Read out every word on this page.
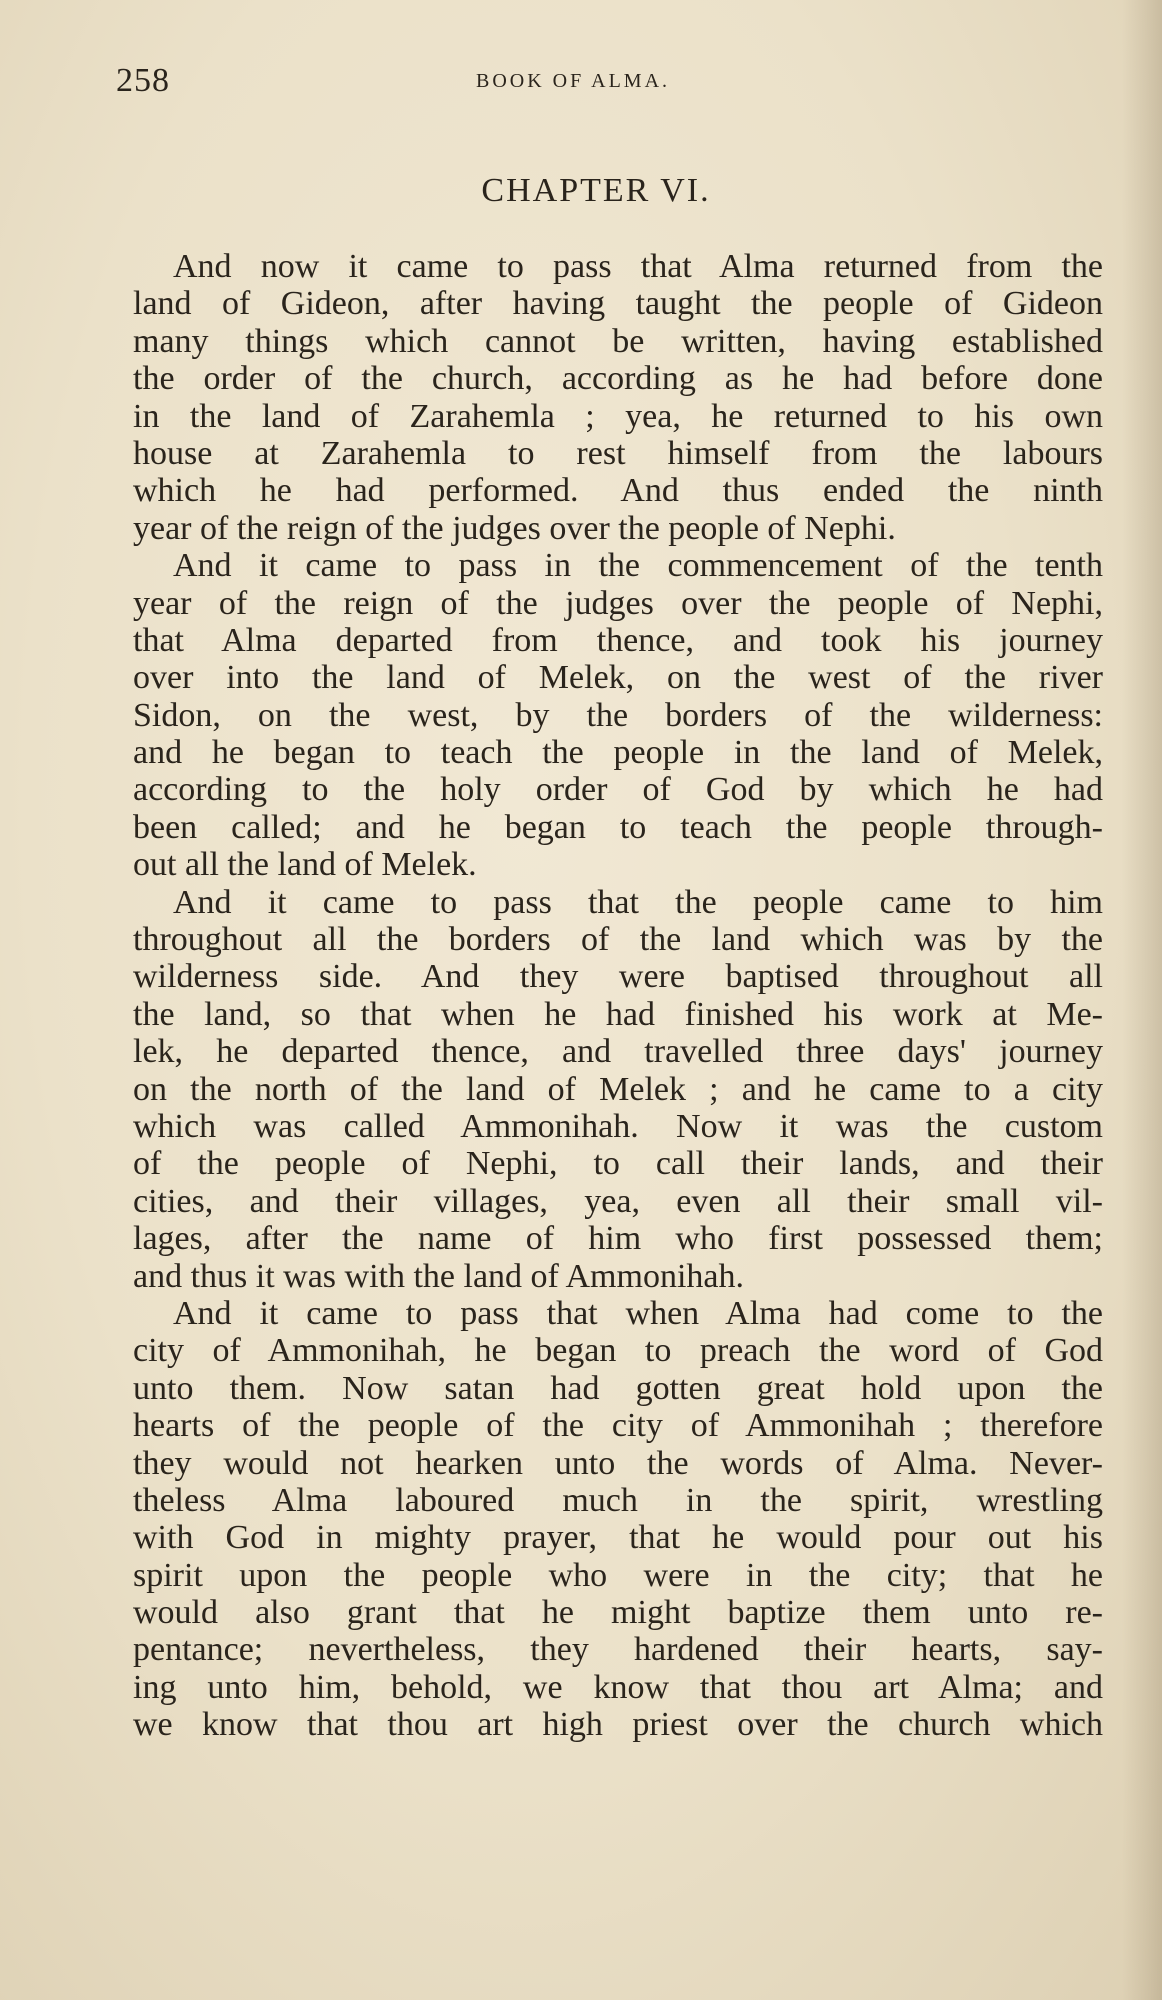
258	BOOK OF ALMA.
CHAPTER VI.
And now it came to pass that Alma returned from the
land of Gideon, after having taught the people of Gideon
many things which cannot be written, having established
the order of the church, according as he had before done
in the land of Zarahemla ; yea, he returned to his own
house at Zarahemla to rest himself from the labours
which he had performed. And thus ended the ninth
year of the reign of the judges over the people of Nephi.
And it came to pass in the commencement of the tenth
year of the reign of the judges over the people of Nephi,
that Alma departed from thence, and took his journey
over into the land of Melek, on the west of the river
Sidon, on the west, by the borders of the wilderness:
and he began to teach the people in the land of Melek,
according to the holy order of God by which he had
been called; and he began to teach the people through-
out all the land of Melek.
And it came to pass that the people came to him
throughout all the borders of the land which was by the
wilderness side. And they were baptised throughout all
the land, so that when he had finished his work at Me-
lek, he departed thence, and travelled three days' journey
on the north of the land of Melek ; and he came to a city
which was called Ammonihah. Now it was the custom
of the people of Nephi, to call their lands, and their
cities, and their villages, yea, even all their small vil-
lages, after the name of him who first possessed them;
and thus it was with the land of Ammonihah.
And it came to pass that when Alma had come to the
city of Ammonihah, he began to preach the word of God
unto them. Now satan had gotten great hold upon the
hearts of the people of the city of Ammonihah ; therefore
they would not hearken unto the words of Alma. Never-
theless Alma laboured much in the spirit, wrestling
with God in mighty prayer, that he would pour out his
spirit upon the people who were in the city; that he
would also grant that he might baptize them unto re-
pentance; nevertheless, they hardened their hearts, say-
ing unto him, behold, we know that thou art Alma; and
we know that thou art high priest over the church which
